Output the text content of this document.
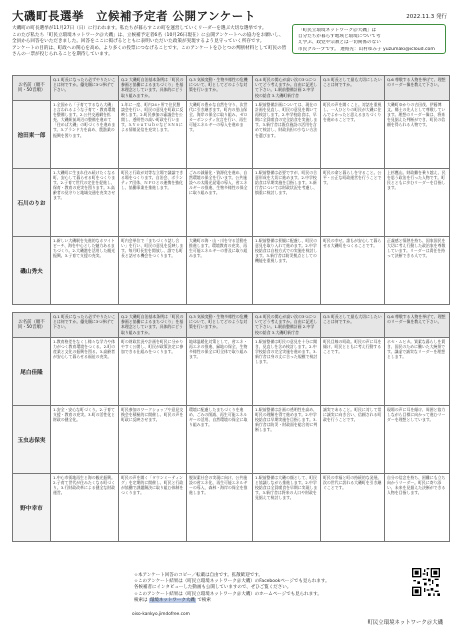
大磯町長選挙　立候補予定者 公開アンケート	2022.11.3 発行

大磯町の町長選挙が11月27日（日）に行われます。私たちが暮らすこの町を運営していくリーダーを選ぶ大切な選挙です。

このたび私たち「町民立環境ネットワーク＠大磯」は、立候補予定者6名（10月26日現在）に公開アンケートへの協力をお願いし、全員から回答をいただきました。回答をここに掲げるとともに表明いただいた政策が実現するよう見守っていく所存です。

アンケートの目的は、町政への関心を高め、より多くの投票につなげることです。このアンケートをひとつの判断材料として町民の皆さんの一票が投じられることを期待しています。

「町民立環境ネットワーク＠大磯」は
自分たちが暮らす地域と環境について考
え学ぶ、政党や宗教とは一切関係のない
市民グループです。 連絡先：山村ゆみ子 yuzumaki@icloud.com
お名前（順不同・50音順）	Q.1 町長になったら必ずやりたいことは何ですか。優先順に3つ挙げて下さい。	Q.2 大磯町自治基本条例は「町民の参画と協働によるまちづくり」を基本理念としています。具体的にどう取り組みますか。	Q.3 気候変動・生物多様性の危機について、町としてどのような対策を行いますか。	Q.4 町民の関心が高い次の3つについてどう考えますか。自由に記述して下さい。1.駅前整備計画 2.中学校の給食 3.大磯町新庁舎	Q.5 町長として最も大切にしたいことは何ですか。	Q.6 尊敬する人物を挙げて、理想のリーダー像を教えて下さい。
池田東一郎	1.全国から「子育てするなら大磯」と言われるような子育て・教育環境を整備します。2.公共交通網を拡充、大磯駅前周辺の整備を進めて「住めば大磯」の町づくりを進めます。3.ブランド力を高め、農漁業の振興を図ります。	1.年に一度、町内24ヶ所で住民懇談会を行い、町民の意見を町政に反映します。2.町民参加の審議会を公開し、透明性の高い町政を行います。3.ＹｏｕＴｕｂｅなどＳＮＳによる情報発信を充実します。	大磯町の豊かな自然を守り、次世代に引き継ぎます。町内の里山保全、海岸の保全に取り組み、ゼロカーボンシティ宣言を行い、再生可能エネルギーの導入を進めます。	1.駅前整備計画については、現在の計画を見直し、町民の意見を聞いて再検討します。2.中学校給食は、早期に全員喫食の完全給食を実施します。3.新庁舎は既存施設の活用を含めて検討し、財政負担の少ない方法を選びます。	町民の声を聞くこと。対話を重視し、一人ひとりの町民が大磯に住んでよかったと思えるまちづくりを進めることです。	大磯町ゆかりの吉田茂、伊藤博文。郷土の先人として尊敬しています。理想のリーダー像は、将来を見据えた判断ができ、町民の信頼を得られる人物です。
石川のりお	1.大磯町に生まれ住み続けたくなる町、安心して暮らせる町をつくります。2.子育て世代の定住を促進し、保育・教育の充実を図ります。3.高齢者の見守りと地域交通を充実させます。	町民と行政が対等な立場で議論できる場をつくります。自治会、ボランティア団体、ＮＰＯとの連携を強化し、協働事業を推進します。	ごみの減量化・資源化を進め、自然環境の保全を行います。公共施設への太陽光発電の導入、省エネルギーの推進、生物多様性の保全に取り組みます。	1.駅前整備は必要ですが、町民の合意形成を大切に進めます。2.中学校給食は早期実施を目指します。3.新庁舎については財政状況を考慮し、慎重に検討します。	町民の命と暮らしを守ること。公平・公正な町政運営を行うことです。	上杉鷹山。財政難を乗り越え、民を思う政治を行った人物です。町民とともに歩むリーダーを目指します。
磯山秀夫	1.新しい大磯駅を先進的なホワイトビーチ、海を中心とした魅力あるまちづくり。2.大磯港を活用した観光振興。3.子育て支援の充実。	町内会単位で「まちづくり話し合い」を行い、町民の意見を反映します。毎月町長室を開放し、誰でも町長と話せる機会をつくります。	大磯町の海・山・川を守る活動を推進します。環境教育の充実、再生可能エネルギーの普及に取り組みます。	1.駅前整備は景観に配慮し、町民の意見を取り入れて進めます。2.中学校給食は自校方式での実施を検討します。3.新庁舎は防災拠点としての機能を重視します。	町民の幸せ。誰もが安心して暮らせる大磯町をつくることです。	正義感と情熱を持ち、国家国民を大切に考え行動した政治家を尊敬しています。リーダーは責任を持って決断できる人です。
お名前（順不同・50音順）	Q.1 町長になったら必ずやりたいことは何ですか。優先順に3つ挙げて下さい。	Q.2 大磯町自治基本条例は「町民の参画と協働によるまちづくり」を基本理念としています。具体的にどう取り組みますか。	Q.3 気候変動・生物多様性の危機について、町としてどのような対策を行いますか。	Q.4 町民の関心が高い次の3つについてどう考えますか。自由に記述して下さい。1.駅前整備計画 2.中学校の給食 3.大磯町新庁舎	Q.5 町長として最も大切にしたいことは何ですか。	Q.6 尊敬する人物を挙げて、理想のリーダー像を教えて下さい。
尾白佳隆	1.教育格差をなくし様々な学力や体力がつく教育環境をつくる。2.町の産業と文化の振興を図る。3.高齢者が安心して暮らせる福祉の充実。	町の財政状況や計画を町民に分かりやすく公開し、町民が政策決定に参加できる仕組みをつくります。	地球温暖化対策として、省エネ・再エネの推進、緑地の保全、生物多様性の保全に町全体で取り組みます。	1.駅前整備は町民の意見を十分に聞き、見直しを含め検討します。2.中学校給食の完全実施を進めます。3.新庁舎は身の丈に合った規模で検討します。	町民目線の町政。町民の声に耳を傾け、町民とともに考え行動することです。	ホセ・ムヒカ。質素な暮らしを貫き、国民のために働いた大統領です。謙虚で誠実なリーダーを理想とします。
玉虫志保実	1.安全・安心な町づくり。2.子育て支援・教育の充実。3.町の活性化と財政の健全化。	町民参加のワークショップや意見交換会を積極的に開催し、町民の声を町政に反映させます。	環境に配慮したまちづくりを進め、ごみの削減、再生可能エネルギーの活用、自然環境の保全に取り組みます。	1.駅前整備は計画の透明性を高め、町民の理解を得て進めます。2.中学校給食は早期実施を目指します。3.新庁舎は防災・財政面を総合的に判断します。	誠実であること。町民に対して常に誠実に向き合い、信頼される町政を行うことです。	現場の声に耳を傾け、周囲と協力しながら目標に向かって進むリーダーを理想としています。
野中幸市	1.中心市街地再生と海の観光振興。2.子育て世代が住みたくなる町づくり。3.行財政改革による健全な財政運営。	町民の声を聞く「タウンミーティング」を定期的に開催し、町民と行政が協働で課題解決に取り組む体制をつくります。	脱炭素社会の実現に向け、公共施設の省エネ化、再生可能エネルギーの導入、森林・海岸の保全を推進します。	1.駅前整備は大磯の顔として、町民と協議しながら推進します。2.中学校給食は全員喫食を早期に実現します。3.新庁舎は将来の人口や財政を見据えて検討します。	町民の幸福と町の持続的な発展。次の世代に誇れる大磯町を引き継ぐことです。	自分の信念を持ち、困難にも立ち向かうリーダー。町民に寄り添い、未来を見据えた決断ができる人物を目指します。

☆本アンケート回答のコピー／転載は自由です。拡散歓迎です。

☆このアンケート結果は（町民立環境ネットワーク＠大磯）のFacebookページでも見られます。

各候補者にインタビューした動画も公開していますので、ぜひご覧ください。

☆このアンケート結果は（町民立環境ネットワーク＠大磯）のホームページでも見られます。

検索は 環境ネットワーク大磯 で検索

oiso-kankyo.jimdofree.com
町民立環境ネットワーク＠大磯
